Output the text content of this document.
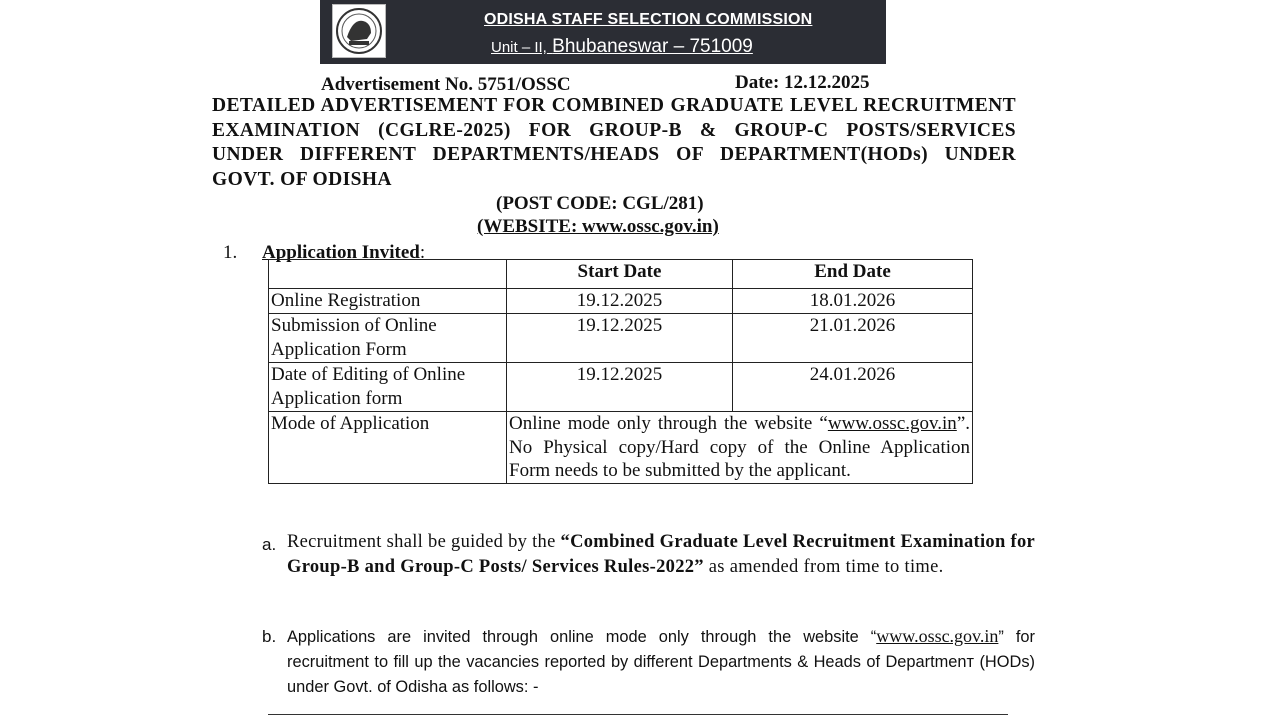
ODISHA STAFF SELECTION COMMISSION
Unit – II, Bhubaneswar – 751009
Advertisement No. 5751/OSSC	Date: 12.12.2025
DETAILED ADVERTISEMENT FOR COMBINED GRADUATE LEVEL RECRUITMENT EXAMINATION (CGLRE-2025) FOR GROUP-B & GROUP-C POSTS/SERVICES UNDER DIFFERENT DEPARTMENTS/HEADS OF DEPARTMENT(HODs) UNDER GOVT. OF ODISHA
(POST CODE: CGL/281)
(WEBSITE: www.ossc.gov.in)
1. Application Invited:
	Start Date	End Date
Online Registration	19.12.2025	18.01.2026
Submission of Online Application Form	19.12.2025	21.01.2026
Date of Editing of Online Application form	19.12.2025	24.01.2026
Mode of Application	Online mode only through the website “www.ossc.gov.in”. No Physical copy/Hard copy of the Online Application Form needs to be submitted by the applicant.	
a. Recruitment shall be guided by the “Combined Graduate Level Recruitment Examination for Group-B and Group-C Posts/ Services Rules-2022” as amended from time to time.
b. Applications are invited through online mode only through the website “www.ossc.gov.in” for recruitment to fill up the vacancies reported by different Departments & Heads of Departmenт (HODs) under Govt. of Odisha as follows: -
